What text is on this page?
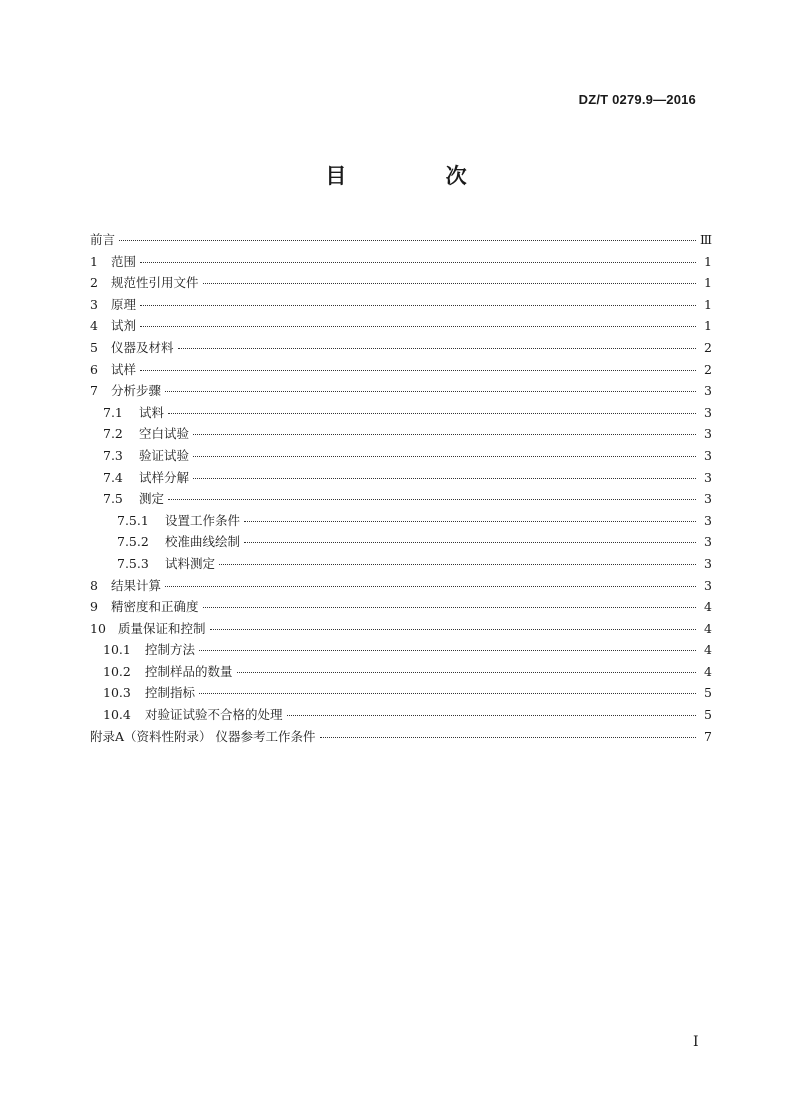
DZ/T 0279.9—2016
目 次
前言	Ⅲ
1	范围	1
2	规范性引用文件	1
3	原理	1
4	试剂	1
5	仪器及材料	2
6	试样	2
7	分析步骤	3
7.1	试料	3
7.2	空白试验	3
7.3	验证试验	3
7.4	试样分解	3
7.5	测定	3
7.5.1	设置工作条件	3
7.5.2	校准曲线绘制	3
7.5.3	试料测定	3
8	结果计算	3
9	精密度和正确度	4
10 质量保证和控制	4
10.1	控制方法	4
10.2	控制样品的数量	4
10.3	控制指标	5
10.4	对验证试验不合格的处理	5
附录A（资料性附录） 仪器参考工作条件	7
I
